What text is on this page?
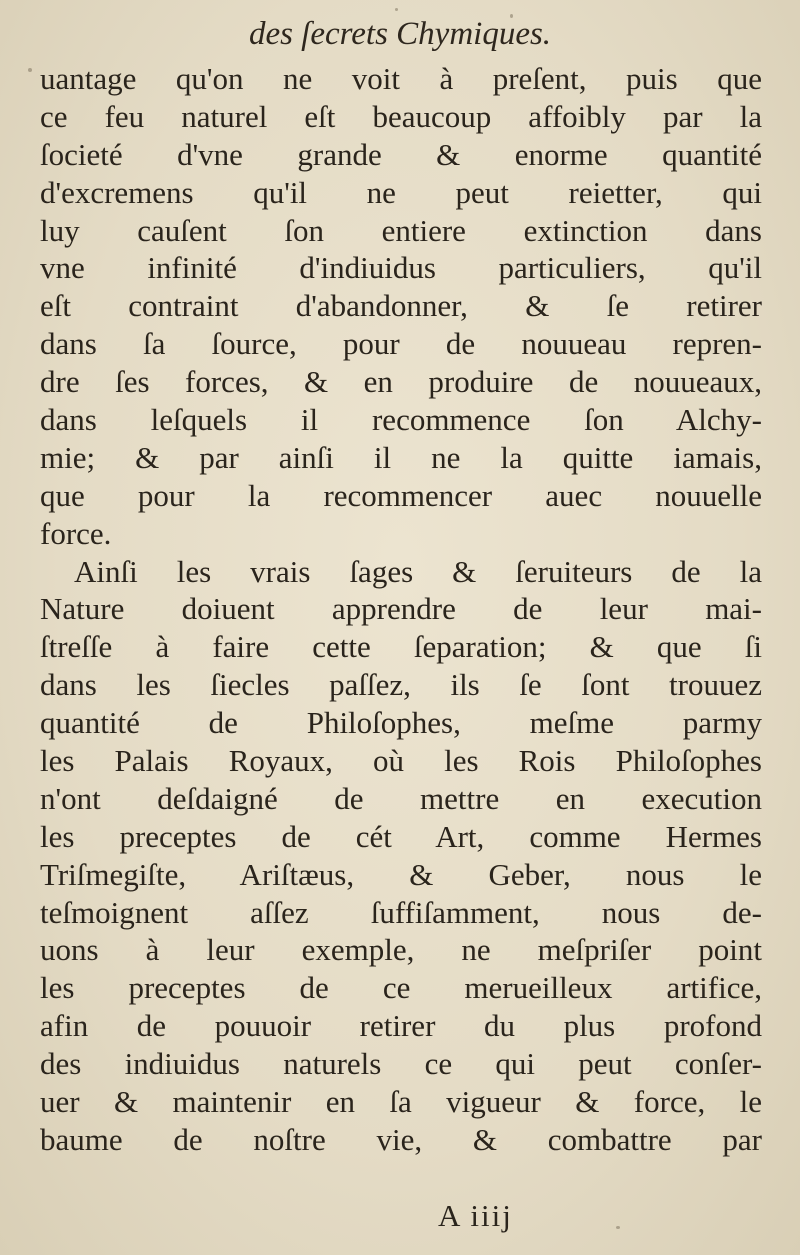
des ſecrets Chymiques.
uantage qu'on ne voit à preſent, puis que
ce feu naturel eſt beaucoup affoibly par la
ſocieté d'vne grande & enorme quantité
d'excremens qu'il ne peut reietter, qui
luy cauſent ſon entiere extinction dans
vne infinité d'indiuidus particuliers, qu'il
eſt contraint d'abandonner, & ſe retirer
dans ſa ſource, pour de nouueau repren-
dre ſes forces, & en produire de nouueaux,
dans leſquels il recommence ſon Alchy-
mie; & par ainſi il ne la quitte iamais,
que pour la recommencer auec nouuelle
force.
Ainſi les vrais ſages & ſeruiteurs de la
Nature doiuent apprendre de leur mai-
ſtreſſe à faire cette ſeparation; & que ſi
dans les ſiecles paſſez, ils ſe ſont trouuez
quantité de Philoſophes, meſme parmy
les Palais Royaux, où les Rois Philoſophes
n'ont deſdaigné de mettre en execution
les preceptes de cét Art, comme Hermes
Triſmegiſte, Ariſtæus, & Geber, nous le
teſmoignent aſſez ſuffiſamment, nous de-
uons à leur exemple, ne meſpriſer point
les preceptes de ce merueilleux artifice,
afin de pouuoir retirer du plus profond
des indiuidus naturels ce qui peut conſer-
uer & maintenir en ſa vigueur & force, le
baume de noſtre vie, & combattre par
A iiij
